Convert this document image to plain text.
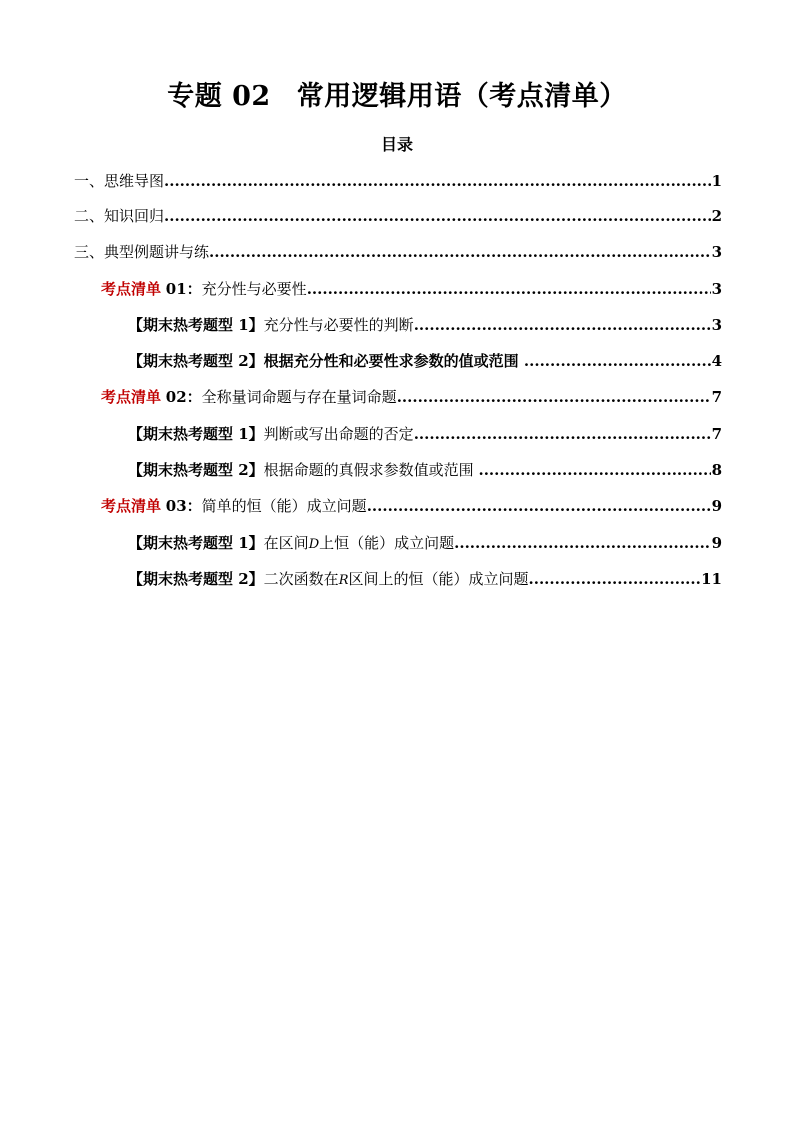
专题 02 常用逻辑用语（考点清单）
目录
一、思维导图 .....	1
二、知识回归 .....	2
三、典型例题讲与练 .....	3
考点清单 01：充分性与必要性 .....	3
【期末热考题型 1】充分性与必要性的判断 .....	3
【期末热考题型 2】根据充分性和必要性求参数的值或范围 .....	4
考点清单 02：全称量词命题与存在量词命题 .....	7
【期末热考题型 1】判断或写出命题的否定 .....	7
【期末热考题型 2】根据命题的真假求参数值或范围 .....	8
考点清单 03：简单的恒（能）成立问题 .....	9
【期末热考题型 1】在区间D上恒（能）成立问题 .....	9
【期末热考题型 2】二次函数在R区间上的恒（能）成立问题 .....	11
